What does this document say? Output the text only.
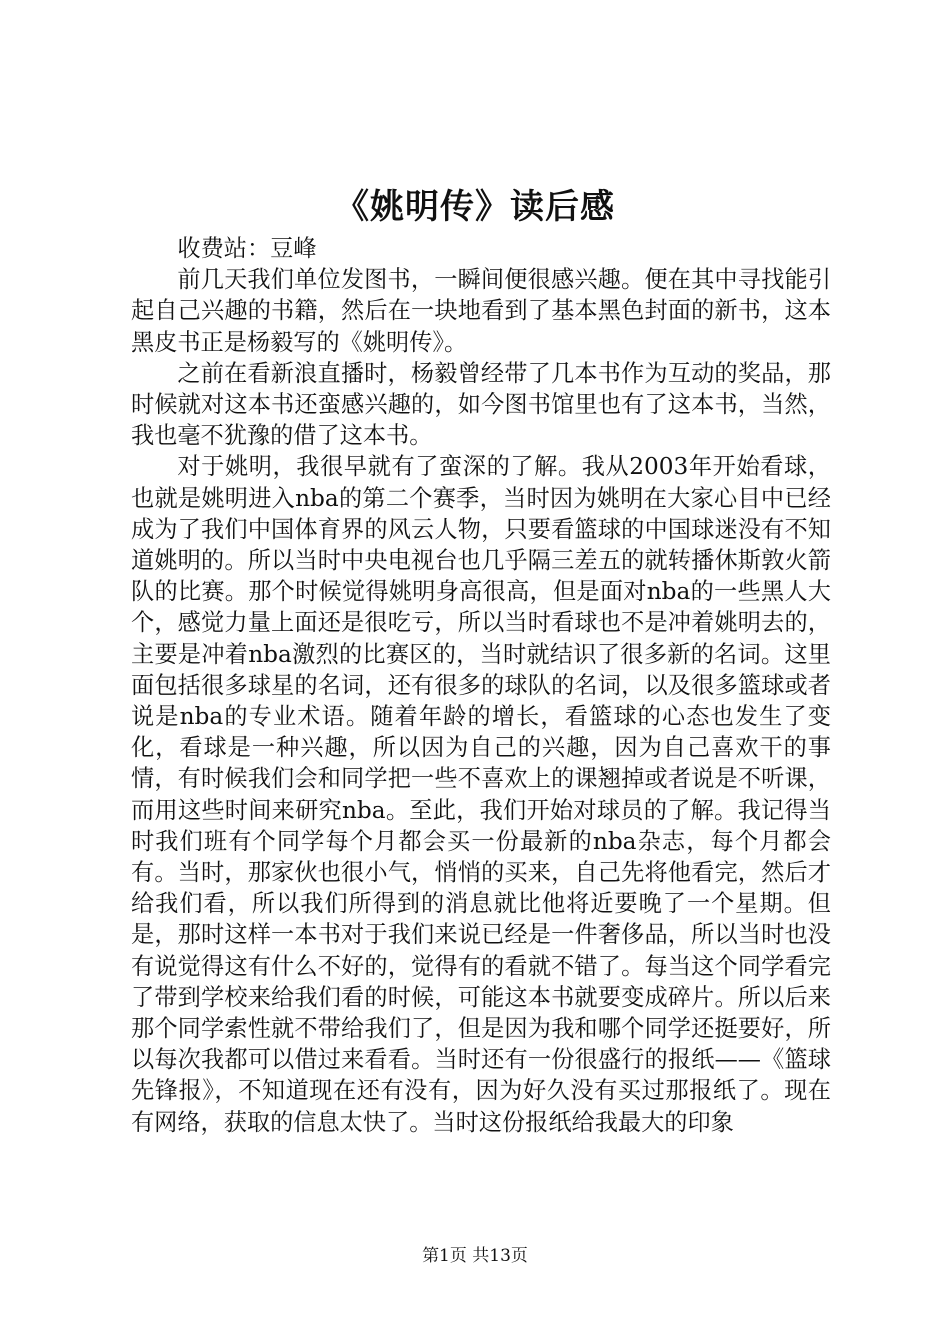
《姚明传》读后感

收费站：豆峰

前几天我们单位发图书，一瞬间便很感兴趣。便在其中寻找能引起自己兴趣的书籍，然后在一块地看到了基本黑色封面的新书，这本黑皮书正是杨毅写的《姚明传》。

之前在看新浪直播时，杨毅曾经带了几本书作为互动的奖品，那时候就对这本书还蛮感兴趣的，如今图书馆里也有了这本书，当然，我也毫不犹豫的借了这本书。

对于姚明，我很早就有了蛮深的了解。我从2003年开始看球，也就是姚明进入nba的第二个赛季，当时因为姚明在大家心目中已经成为了我们中国体育界的风云人物，只要看篮球的中国球迷没有不知道姚明的。所以当时中央电视台也几乎隔三差五的就转播休斯敦火箭队的比赛。那个时候觉得姚明身高很高，但是面对nba的一些黑人大个，感觉力量上面还是很吃亏，所以当时看球也不是冲着姚明去的，主要是冲着nba激烈的比赛区的，当时就结识了很多新的名词。这里面包括很多球星的名词，还有很多的球队的名词，以及很多篮球或者说是nba的专业术语。随着年龄的增长，看篮球的心态也发生了变化，看球是一种兴趣，所以因为自己的兴趣，因为自己喜欢干的事情，有时候我们会和同学把一些不喜欢上的课翘掉或者说是不听课，而用这些时间来研究nba。至此，我们开始对球员的了解。我记得当时我们班有个同学每个月都会买一份最新的nba杂志，每个月都会有。当时，那家伙也很小气，悄悄的买来，自己先将他看完，然后才给我们看，所以我们所得到的消息就比他将近要晚了一个星期。但是，那时这样一本书对于我们来说已经是一件奢侈品，所以当时也没有说觉得这有什么不好的，觉得有的看就不错了。每当这个同学看完了带到学校来给我们看的时候，可能这本书就要变成碎片。所以后来那个同学索性就不带给我们了，但是因为我和哪个同学还挺要好，所以每次我都可以借过来看看。当时还有一份很盛行的报纸——《篮球先锋报》，不知道现在还有没有，因为好久没有买过那报纸了。现在有网络，获取的信息太快了。当时这份报纸给我最大的印象

第1页 共13页
